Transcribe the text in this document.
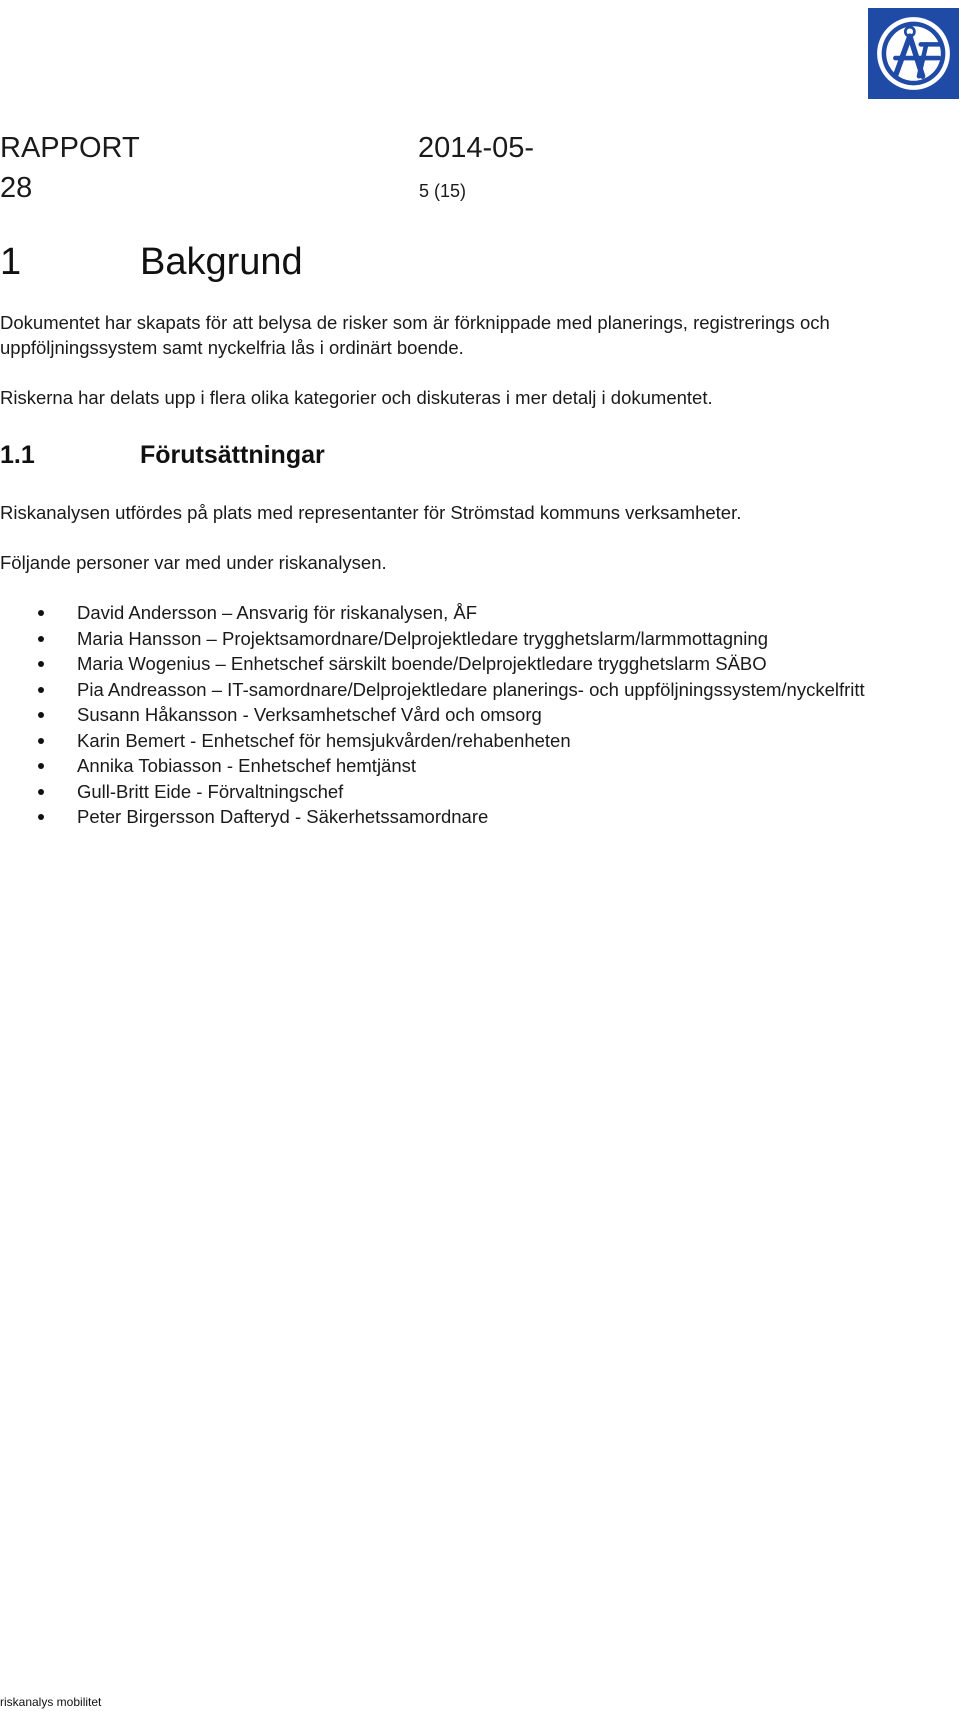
RAPPORT	2014-05-
28	5 (15)
1	Bakgrund
Dokumentet har skapats för att belysa de risker som är förknippade med planerings, registrerings och uppföljningssystem samt nyckelfria lås i ordinärt boende.
Riskerna har delats upp i flera olika kategorier och diskuteras i mer detalj i dokumentet.
1.1	Förutsättningar
Riskanalysen utfördes på plats med representanter för Strömstad kommuns verksamheter.
Följande personer var med under riskanalysen.
David Andersson – Ansvarig för riskanalysen, ÅF
Maria Hansson – Projektsamordnare/Delprojektledare trygghetslarm/larmmottagning
Maria Wogenius – Enhetschef särskilt boende/Delprojektledare trygghetslarm SÄBO
Pia Andreasson – IT-samordnare/Delprojektledare planerings- och uppföljningssystem/nyckelfritt
Susann Håkansson - Verksamhetschef Vård och omsorg
Karin Bemert - Enhetschef för hemsjukvården/rehabenheten
Annika Tobiasson - Enhetschef hemtjänst
Gull-Britt Eide - Förvaltningschef
Peter Birgersson Dafteryd - Säkerhetssamordnare
riskanalys mobilitet
